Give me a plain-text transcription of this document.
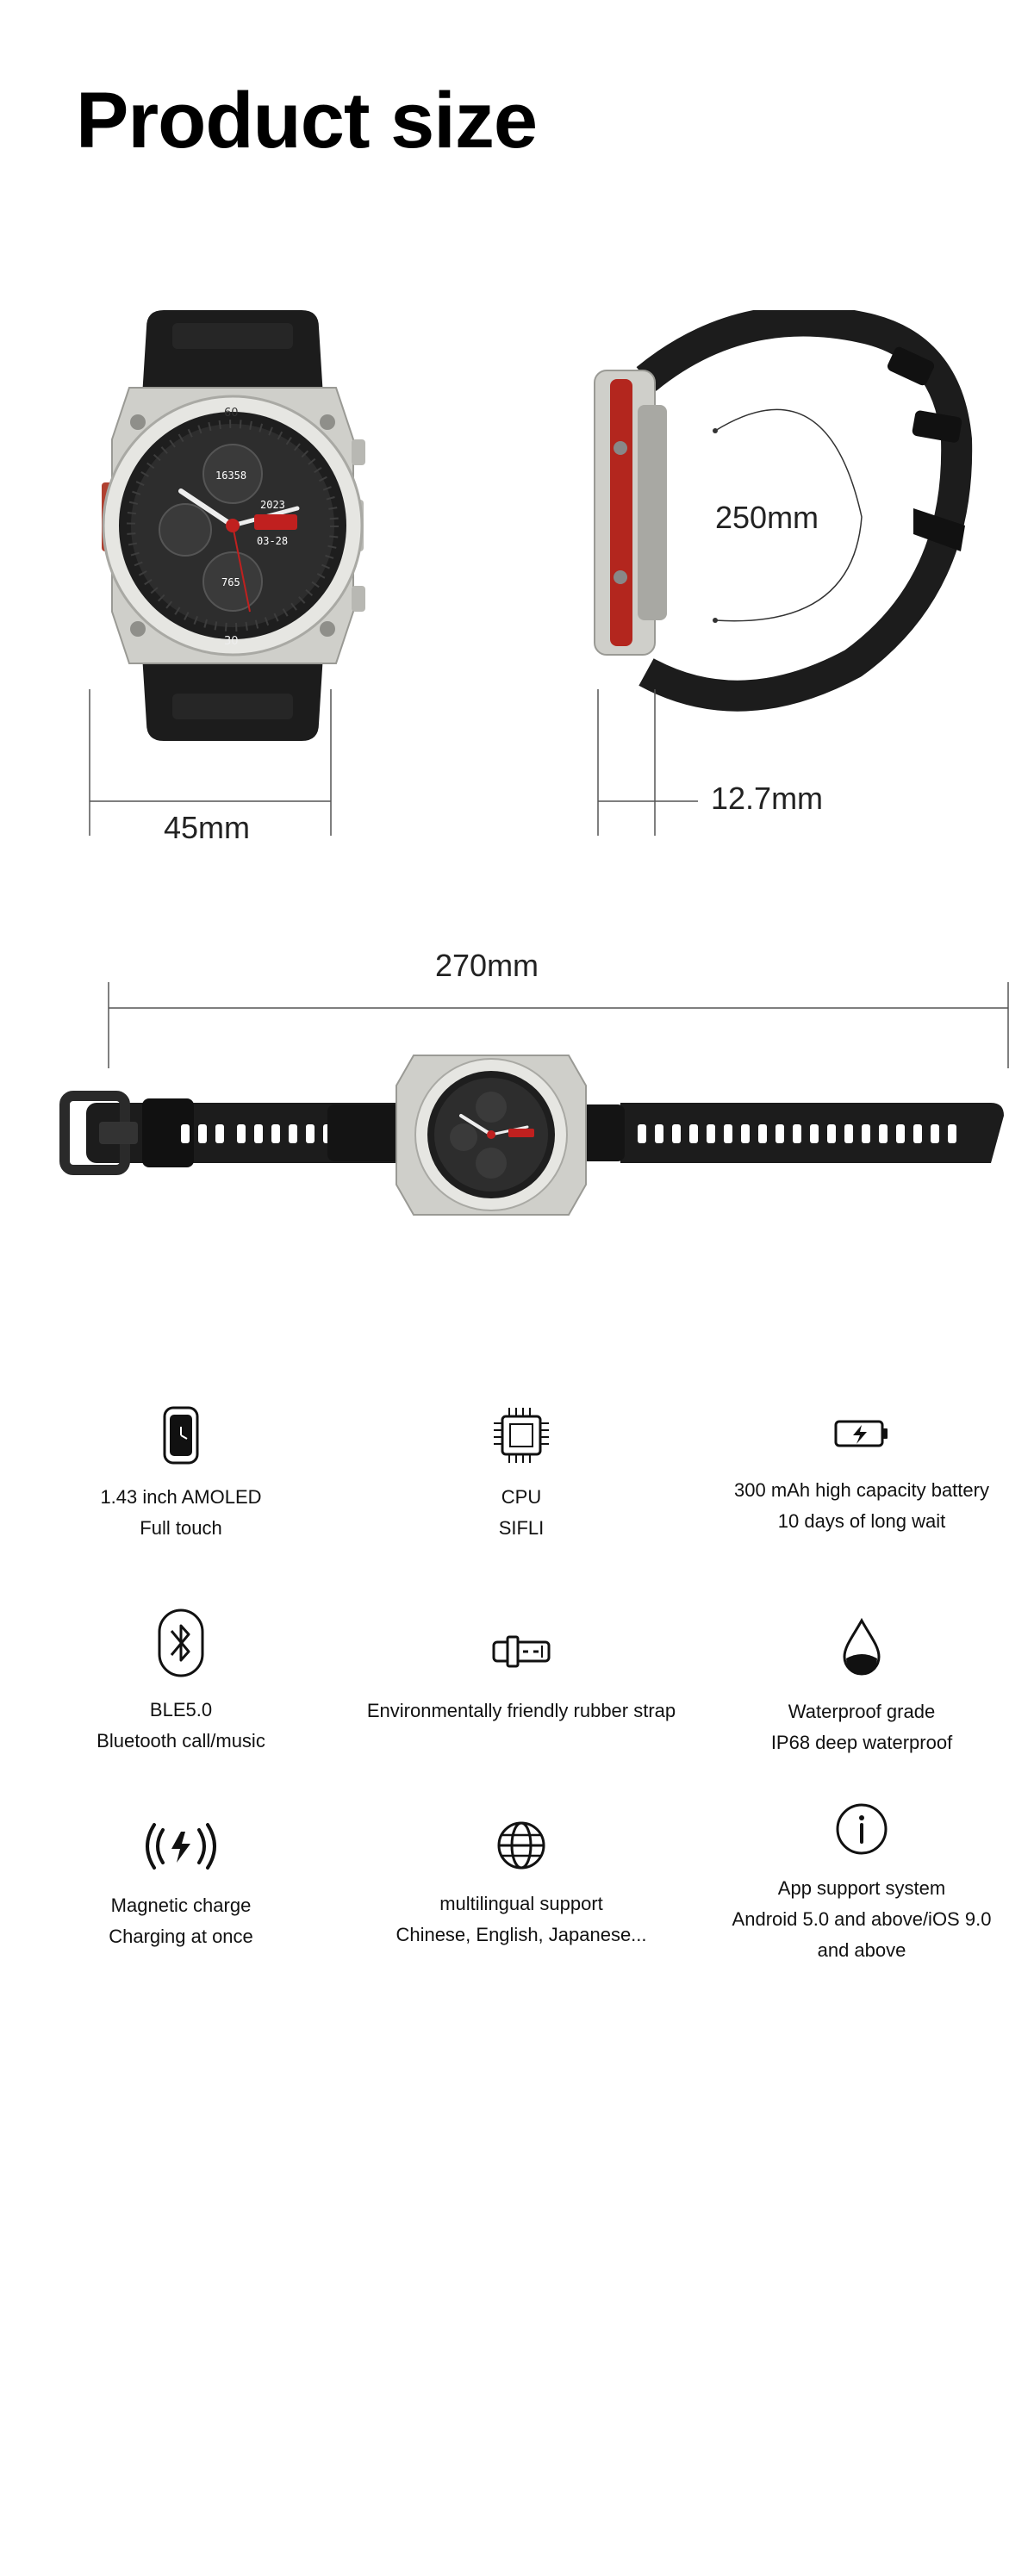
Product size
16358
2023
03-28
765
60
30
45mm
250mm
12.7mm
270mm
1.43 inch AMOLED
Full touch
CPU
SIFLI
300 mAh high capacity battery
10 days of long wait
BLE5.0
Bluetooth call/music
Environmentally friendly rubber strap	Waterproof grade
IP68 deep waterproof
Magnetic charge
Charging at once
multilingual support
Chinese, English, Japanese...
App support system
Android 5.0 and above/iOS 9.0
and above
